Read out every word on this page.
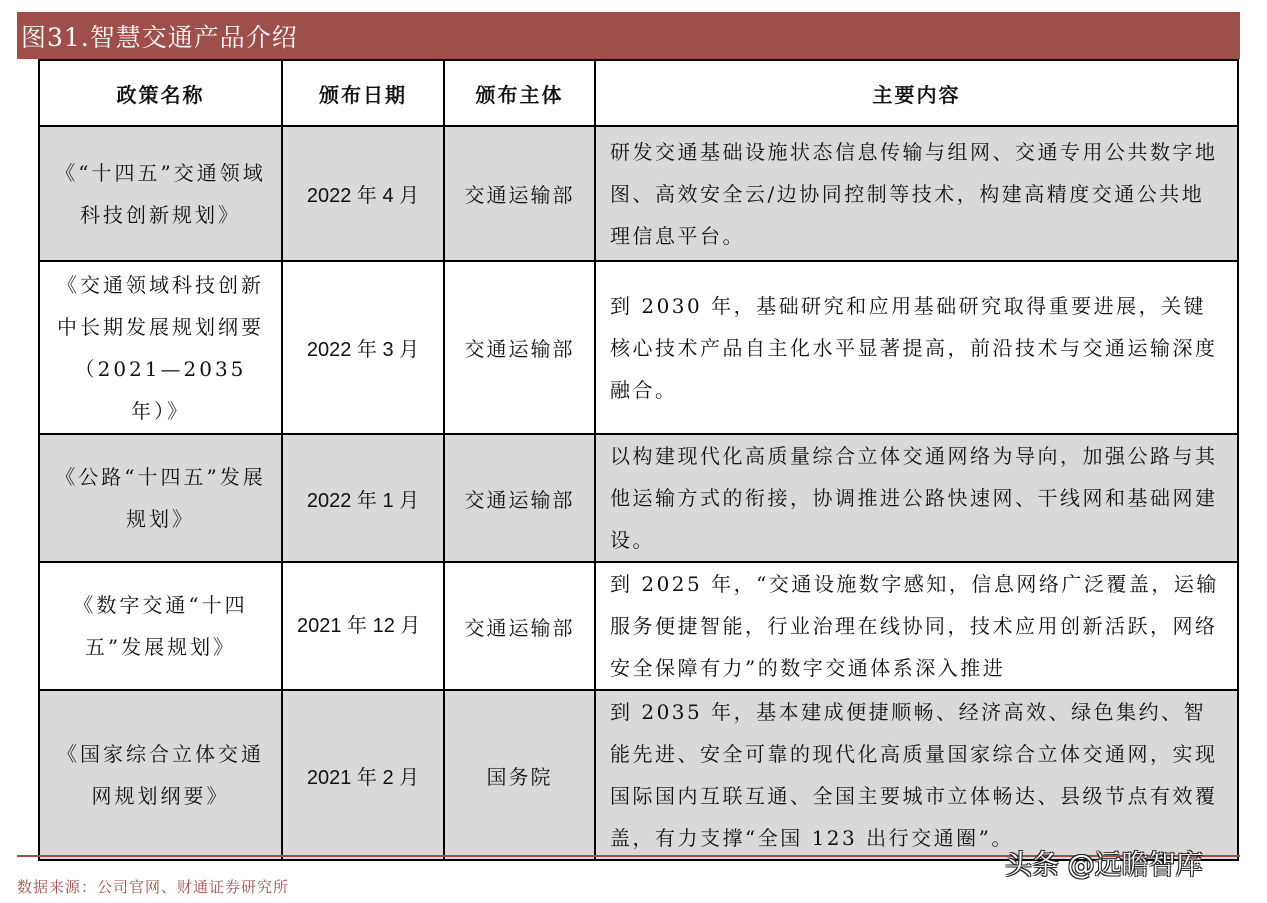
图31.智慧交通产品介绍
政策名称	颁布日期	颁布主体	主要内容
《“十四五”交通领域科技创新规划》	2022 年 4 月	交通运输部	研发交通基础设施状态信息传输与组网、交通专用公共数字地图、高效安全云/边协同控制等技术，构建高精度交通公共地理信息平台。
《交通领域科技创新中长期发展规划纲要（2021—2035年）》	2022 年 3 月	交通运输部	到 2030 年，基础研究和应用基础研究取得重要进展，关键核心技术产品自主化水平显著提高，前沿技术与交通运输深度融合。
《公路“十四五”发展规划》	2022 年 1 月	交通运输部	以构建现代化高质量综合立体交通网络为导向，加强公路与其他运输方式的衔接，协调推进公路快速网、干线网和基础网建设。
《数字交通“十四五”发展规划》	2021 年 12 月	交通运输部	到 2025 年，“交通设施数字感知，信息网络广泛覆盖，运输服务便捷智能，行业治理在线协同，技术应用创新活跃，网络安全保障有力”的数字交通体系深入推进
《国家综合立体交通网规划纲要》	2021 年 2 月	国务院	到 2035 年，基本建成便捷顺畅、经济高效、绿色集约、智能先进、安全可靠的现代化高质量国家综合立体交通网，实现国际国内互联互通、全国主要城市立体畅达、县级节点有效覆盖，有力支撑“全国 123 出行交通圈”。
数据来源：公司官网、财通证券研究所
头条 @远瞻智库
